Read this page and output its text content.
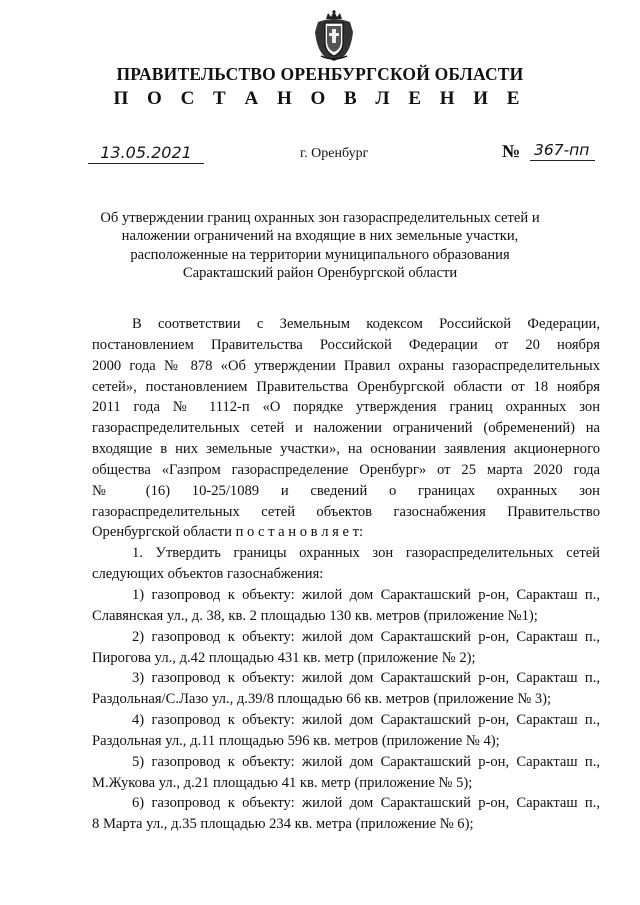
ПРАВИТЕЛЬСТВО ОРЕНБУРГСКОЙ ОБЛАСТИ
П О С Т А Н О В Л Е Н И Е
13.05.2021	г. Оренбург	№ 367-пп
Об утверждении границ охранных зон газораспределительных сетей и
наложении ограничений на входящие в них земельные участки,
расположенные на территории муниципального образования
Саракташский район Оренбургской области
В соответствии с Земельным кодексом Российской Федерации,
постановлением Правительства Российской Федерации от 20 ноября
2000 года № 878 «Об утверждении Правил охраны газораспределительных
сетей», постановлением Правительства Оренбургской области от 18 ноября
2011 года № 1112-п «О порядке утверждения границ охранных зон
газораспределительных сетей и наложении ограничений (обременений) на
входящие в них земельные участки», на основании заявления акционерного
общества «Газпром газораспределение Оренбург» от 25 марта 2020 года
№ (16) 10-25/1089 и сведений о границах охранных зон
газораспределительных сетей объектов газоснабжения Правительство
Оренбургской области п о с т а н о в л я е т:
1. Утвердить границы охранных зон газораспределительных сетей
следующих объектов газоснабжения:
1) газопровод к объекту: жилой дом Саракташский р-он, Саракташ п.,
Славянская ул., д. 38, кв. 2 площадью 130 кв. метров (приложение №1);
2) газопровод к объекту: жилой дом Саракташский р-он, Саракташ п.,
Пирогова ул., д.42 площадью 431 кв. метр (приложение № 2);
3) газопровод к объекту: жилой дом Саракташский р-он, Саракташ п.,
Раздольная/С.Лазо ул., д.39/8 площадью 66 кв. метров (приложение № 3);
4) газопровод к объекту: жилой дом Саракташский р-он, Саракташ п.,
Раздольная ул., д.11 площадью 596 кв. метров (приложение № 4);
5) газопровод к объекту: жилой дом Саракташский р-он, Саракташ п.,
М.Жукова ул., д.21 площадью 41 кв. метр (приложение № 5);
6) газопровод к объекту: жилой дом Саракташский р-он, Саракташ п.,
8 Марта ул., д.35 площадью 234 кв. метра (приложение № 6);
